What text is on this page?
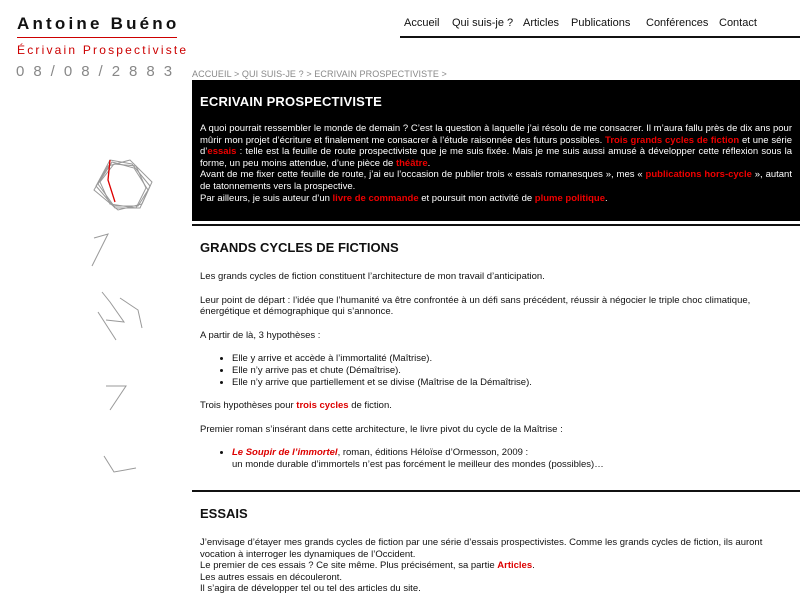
Antoine Buéno
Écrivain Prospectiviste
08/08/2883
Accueil Qui suis-je ? Articles Publications Conférences Contact
ACCUEIL > QUI SUIS-JE ? > ECRIVAIN PROSPECTIVISTE >
ECRIVAIN PROSPECTIVISTE

A quoi pourrait ressembler le monde de demain ? C’est la question à laquelle j’ai résolu de me consacrer. Il m’aura fallu près de dix ans pour mûrir mon projet d’écriture et finalement me consacrer à l’étude raisonnée des futurs possibles. Trois grands cycles de fiction et une série d’essais : telle est la feuille de route prospectiviste que je me suis fixée. Mais je me suis aussi amusé à développer cette réflexion sous la forme, un peu moins attendue, d’une pièce de théâtre.
Avant de me fixer cette feuille de route, j’ai eu l’occasion de publier trois « essais romanesques », mes « publications hors-cycle », autant de tatonnements vers la prospective.
Par ailleurs, je suis auteur d’un livre de commande et poursuit mon activité de plume politique.

GRANDS CYCLES DE FICTIONS

Les grands cycles de fiction constituent l’architecture de mon travail d’anticipation.

Leur point de départ : l’idée que l’humanité va être confrontée à un défi sans précédent, réussir à négocier le triple choc climatique, énergétique et démographique qui s’annonce.

A partir de là, 3 hypothèses :

• Elle y arrive et accède à l’immortalité (Maîtrise).
• Elle n’y arrive pas et chute (Démaîtrise).
• Elle n’y arrive que partiellement et se divise (Maîtrise de la Démaîtrise).

Trois hypothèses pour trois cycles de fiction.

Premier roman s’insérant dans cette architecture, le livre pivot du cycle de la Maîtrise :

• Le Soupir de l’immortel, roman, éditions Héloïse d’Ormesson, 2009 :
un monde durable d’immortels n’est pas forcément le meilleur des mondes (possibles)…
ESSAIS

J’envisage d’étayer mes grands cycles de fiction par une série d’essais prospectivistes. Comme les grands cycles de fiction, ils auront vocation à interroger les dynamiques de l’Occident.

Le premier de ces essais ? Ce site même. Plus précisément, sa partie Articles.

Les autres essais en découleront.

Il s’agira de développer tel ou tel des articles du site.
